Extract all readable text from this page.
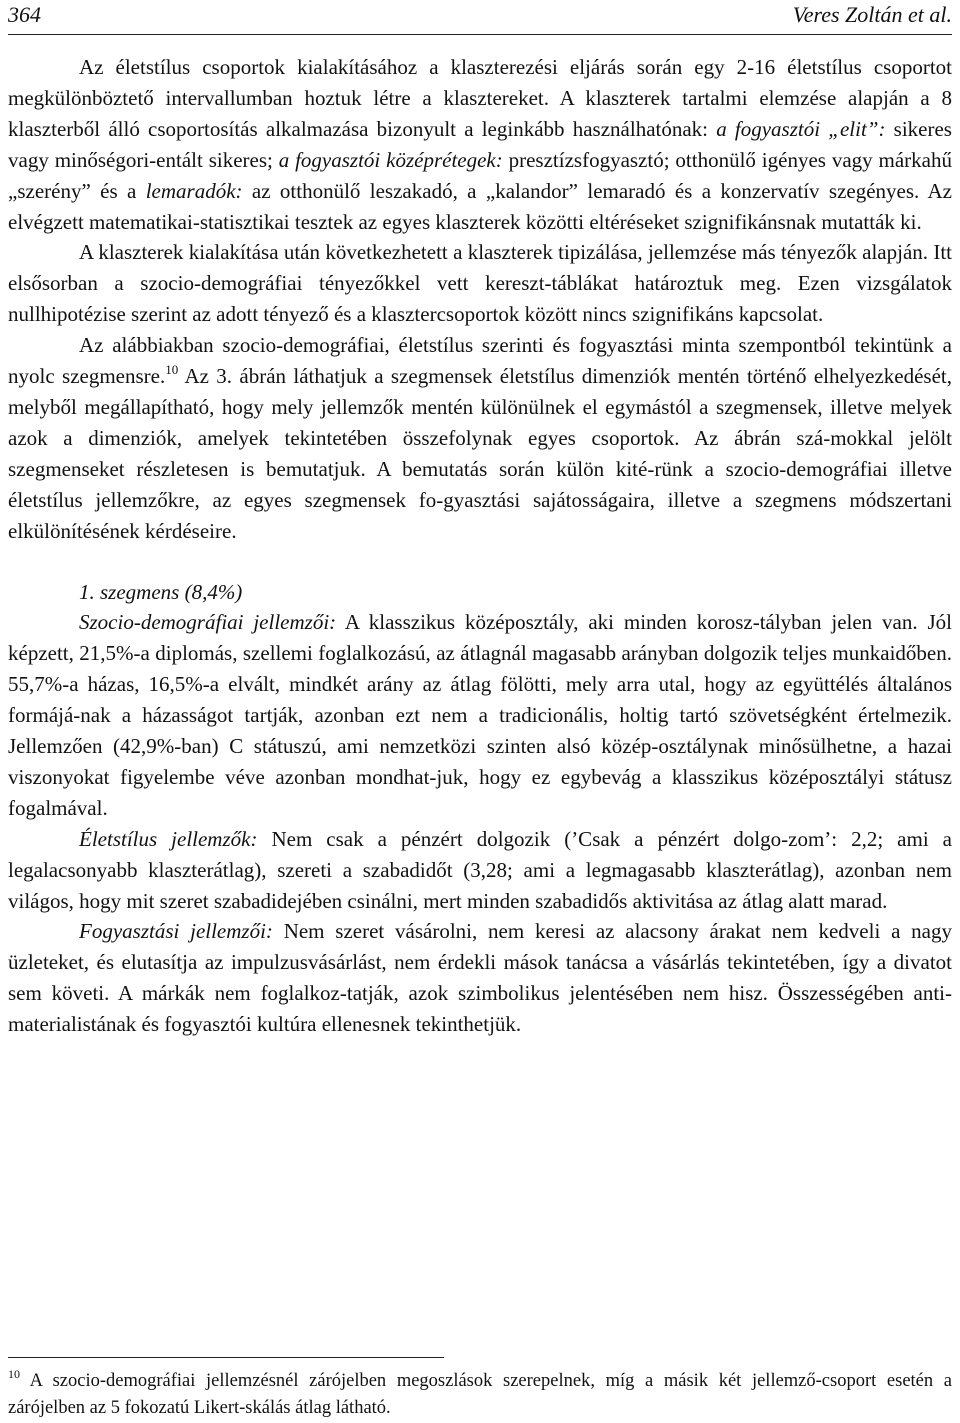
364	Veres Zoltán et al.

Az életstílus csoportok kialakításához a klaszterezési eljárás során egy 2-16 életstílus csoportot megkülönböztető intervallumban hoztuk létre a klasztereket. A klaszterek tartalmi elemzése alapján a 8 klaszterből álló csoportosítás alkalmazása bizonyult a leginkább használhatónak: a fogyasztói „elit”: sikeres vagy minőségori-entált sikeres; a fogyasztói középrétegek: presztízsfogyasztó; otthonülő igényes vagy márkahű „szerény” és a lemaradók: az otthonülő leszakadó, a „kalandor” lemaradó és a konzervatív szegényes. Az elvégzett matematikai-statisztikai tesztek az egyes klaszterek közötti eltéréseket szignifikánsnak mutatták ki.

A klaszterek kialakítása után következhetett a klaszterek tipizálása, jellemzése más tényezők alapján. Itt elsősorban a szocio-demográfiai tényezőkkel vett kereszt-táblákat határoztuk meg. Ezen vizsgálatok nullhipotézise szerint az adott tényező és a klasztercsoportok között nincs szignifikáns kapcsolat.

Az alábbiakban szocio-demográfiai, életstílus szerinti és fogyasztási minta szempontból tekintünk a nyolc szegmensre.$^{10}$ Az 3. ábrán láthatjuk a szegmensek életstílus dimenziók mentén történő elhelyezkedését, melyből megállapítható, hogy mely jellemzők mentén különülnek el egymástól a szegmensek, illetve melyek azok a dimenziók, amelyek tekintetében összefolynak egyes csoportok. Az ábrán szá-mokkal jelölt szegmenseket részletesen is bemutatjuk. A bemutatás során külön kité-rünk a szocio-demográfiai illetve életstílus jellemzőkre, az egyes szegmensek fo-gyasztási sajátosságaira, illetve a szegmens módszertani elkülönítésének kérdéseire.

1. szegmens (8,4%)

Szocio-demográfiai jellemzői: A klasszikus középosztály, aki minden korosz-tályban jelen van. Jól képzett, 21,5%-a diplomás, szellemi foglalkozású, az átlagnál magasabb arányban dolgozik teljes munkaidőben. 55,7%-a házas, 16,5%-a elvált, mindkét arány az átlag fölötti, mely arra utal, hogy az együttélés általános formájá-nak a házasságot tartják, azonban ezt nem a tradicionális, holtig tartó szövetségként értelmezik. Jellemzően (42,9%-ban) C státuszú, ami nemzetközi szinten alsó közép-osztálynak minősülhetne, a hazai viszonyokat figyelembe véve azonban mondhat-juk, hogy ez egybevág a klasszikus középosztályi státusz fogalmával.

Életstílus jellemzők: Nem csak a pénzért dolgozik (’Csak a pénzért dolgo-zom’: 2,2; ami a legalacsonyabb klaszterátlag), szereti a szabadidőt (3,28; ami a legmagasabb klaszterátlag), azonban nem világos, hogy mit szeret szabadidejében csinálni, mert minden szabadidős aktivitása az átlag alatt marad.

Fogyasztási jellemzői: Nem szeret vásárolni, nem keresi az alacsony árakat nem kedveli a nagy üzleteket, és elutasítja az impulzusvásárlást, nem érdekli mások tanácsa a vásárlás tekintetében, így a divatot sem követi. A márkák nem foglalkoz-tatják, azok szimbolikus jelentésében nem hisz. Összességében anti-materialistának és fogyasztói kultúra ellenesnek tekinthetjük.

$^{10}$ A szocio-demográfiai jellemzésnél zárójelben megoszlások szerepelnek, míg a másik két jellemző-csoport esetén a zárójelben az 5 fokozatú Likert-skálás átlag látható.
